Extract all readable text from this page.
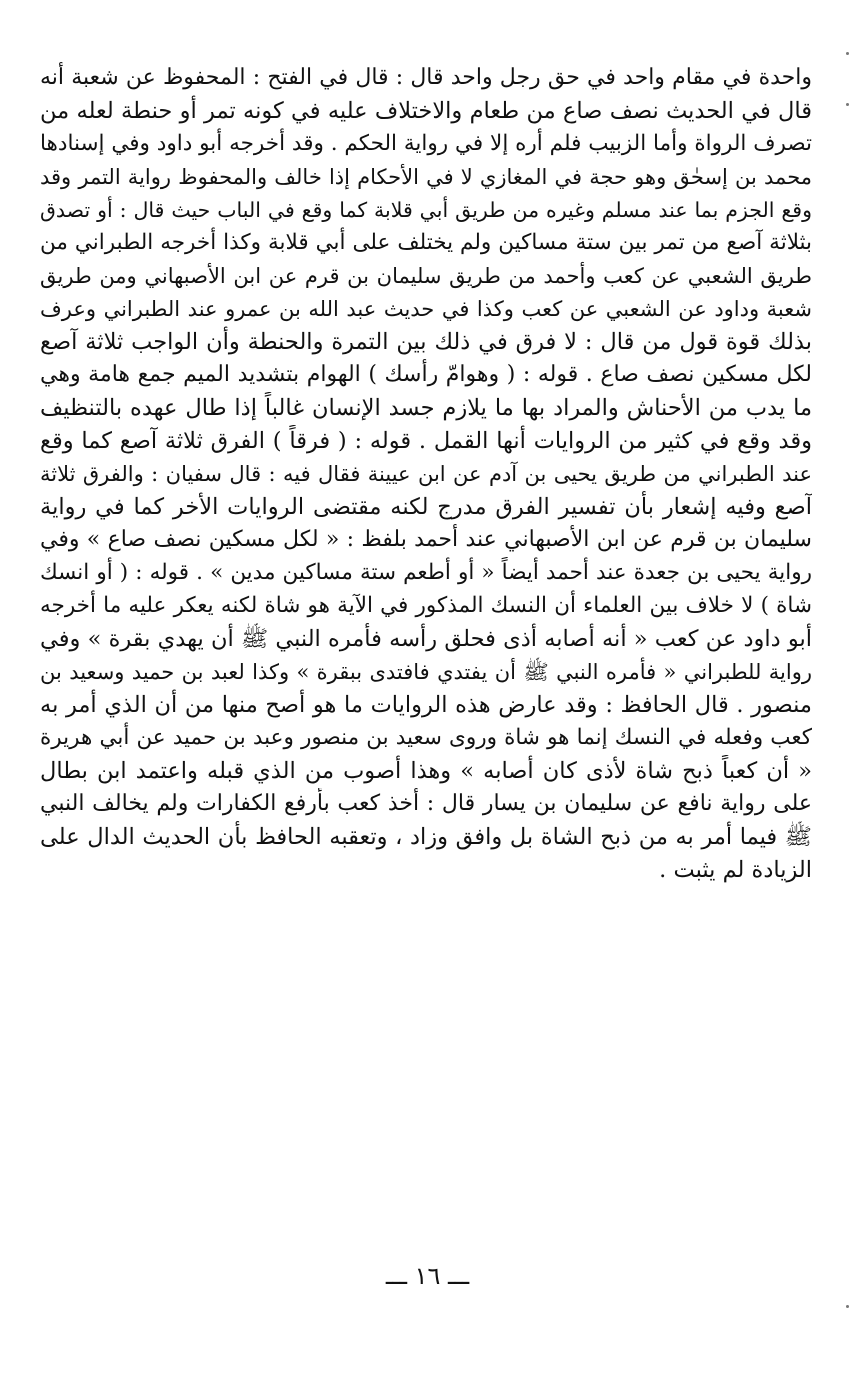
واحدة في مقام واحد في حق رجل واحد قال : قال في الفتح : المحفوظ عن شعبة أنه
قال في الحديث نصف صاع من طعام والاختلاف عليه في كونه تمر أو حنطة لعله من
تصرف الرواة وأما الزبيب فلم أره إلا في رواية الحكم . وقد أخرجه أبو داود وفي إسنادها
محمد بن إسحٰق وهو حجة في المغازي لا في الأحكام إذا خالف والمحفوظ رواية التمر وقد
وقع الجزم بما عند مسلم وغيره من طريق أبي قلابة كما وقع في الباب حيث قال : أو تصدق
بثلاثة آصع من تمر بين ستة مساكين ولم يختلف على أبي قلابة وكذا أخرجه الطبراني من
طريق الشعبي عن كعب وأحمد من طريق سليمان بن قرم عن ابن الأصبهاني ومن طريق
شعبة وداود عن الشعبي عن كعب وكذا في حديث عبد الله بن عمرو عند الطبراني وعرف
بذلك قوة قول من قال : لا فرق في ذلك بين التمرة والحنطة وأن الواجب ثلاثة آصع
لكل مسكين نصف صاع . قوله : ( وهوامّ رأسك ) الهوام بتشديد الميم جمع هامة وهي
ما يدب من الأحناش والمراد بها ما يلازم جسد الإنسان غالباً إذا طال عهده بالتنظيف
وقد وقع في كثير من الروايات أنها القمل . قوله : ( فرقاً ) الفرق ثلاثة آصع كما وقع
عند الطبراني من طريق يحيى بن آدم عن ابن عيينة فقال فيه : قال سفيان : والفرق ثلاثة
آصع وفيه إشعار بأن تفسير الفرق مدرج لكنه مقتضى الروايات الأخر كما في رواية
سليمان بن قرم عن ابن الأصبهاني عند أحمد بلفظ : « لكل مسكين نصف صاع » وفي
رواية يحيى بن جعدة عند أحمد أيضاً « أو أطعم ستة مساكين مدين » . قوله : ( أو انسك
شاة ) لا خلاف بين العلماء أن النسك المذكور في الآية هو شاة لكنه يعكر عليه ما أخرجه
أبو داود عن كعب « أنه أصابه أذى فحلق رأسه فأمره النبي ﷺ أن يهدي بقرة » وفي
رواية للطبراني « فأمره النبي ﷺ أن يفتدي فافتدى ببقرة » وكذا لعبد بن حميد وسعيد بن
منصور . قال الحافظ : وقد عارض هذه الروايات ما هو أصح منها من أن الذي أمر به
كعب وفعله في النسك إنما هو شاة وروى سعيد بن منصور وعبد بن حميد عن أبي هريرة
« أن كعباً ذبح شاة لأذى كان أصابه » وهذا أصوب من الذي قبله واعتمد ابن بطال
على رواية نافع عن سليمان بن يسار قال : أخذ كعب بأرفع الكفارات ولم يخالف النبي
ﷺ فيما أمر به من ذبح الشاة بل وافق وزاد ، وتعقبه الحافظ بأن الحديث الدال على
الزيادة لم يثبت .
ـــ ١٦ ـــ
